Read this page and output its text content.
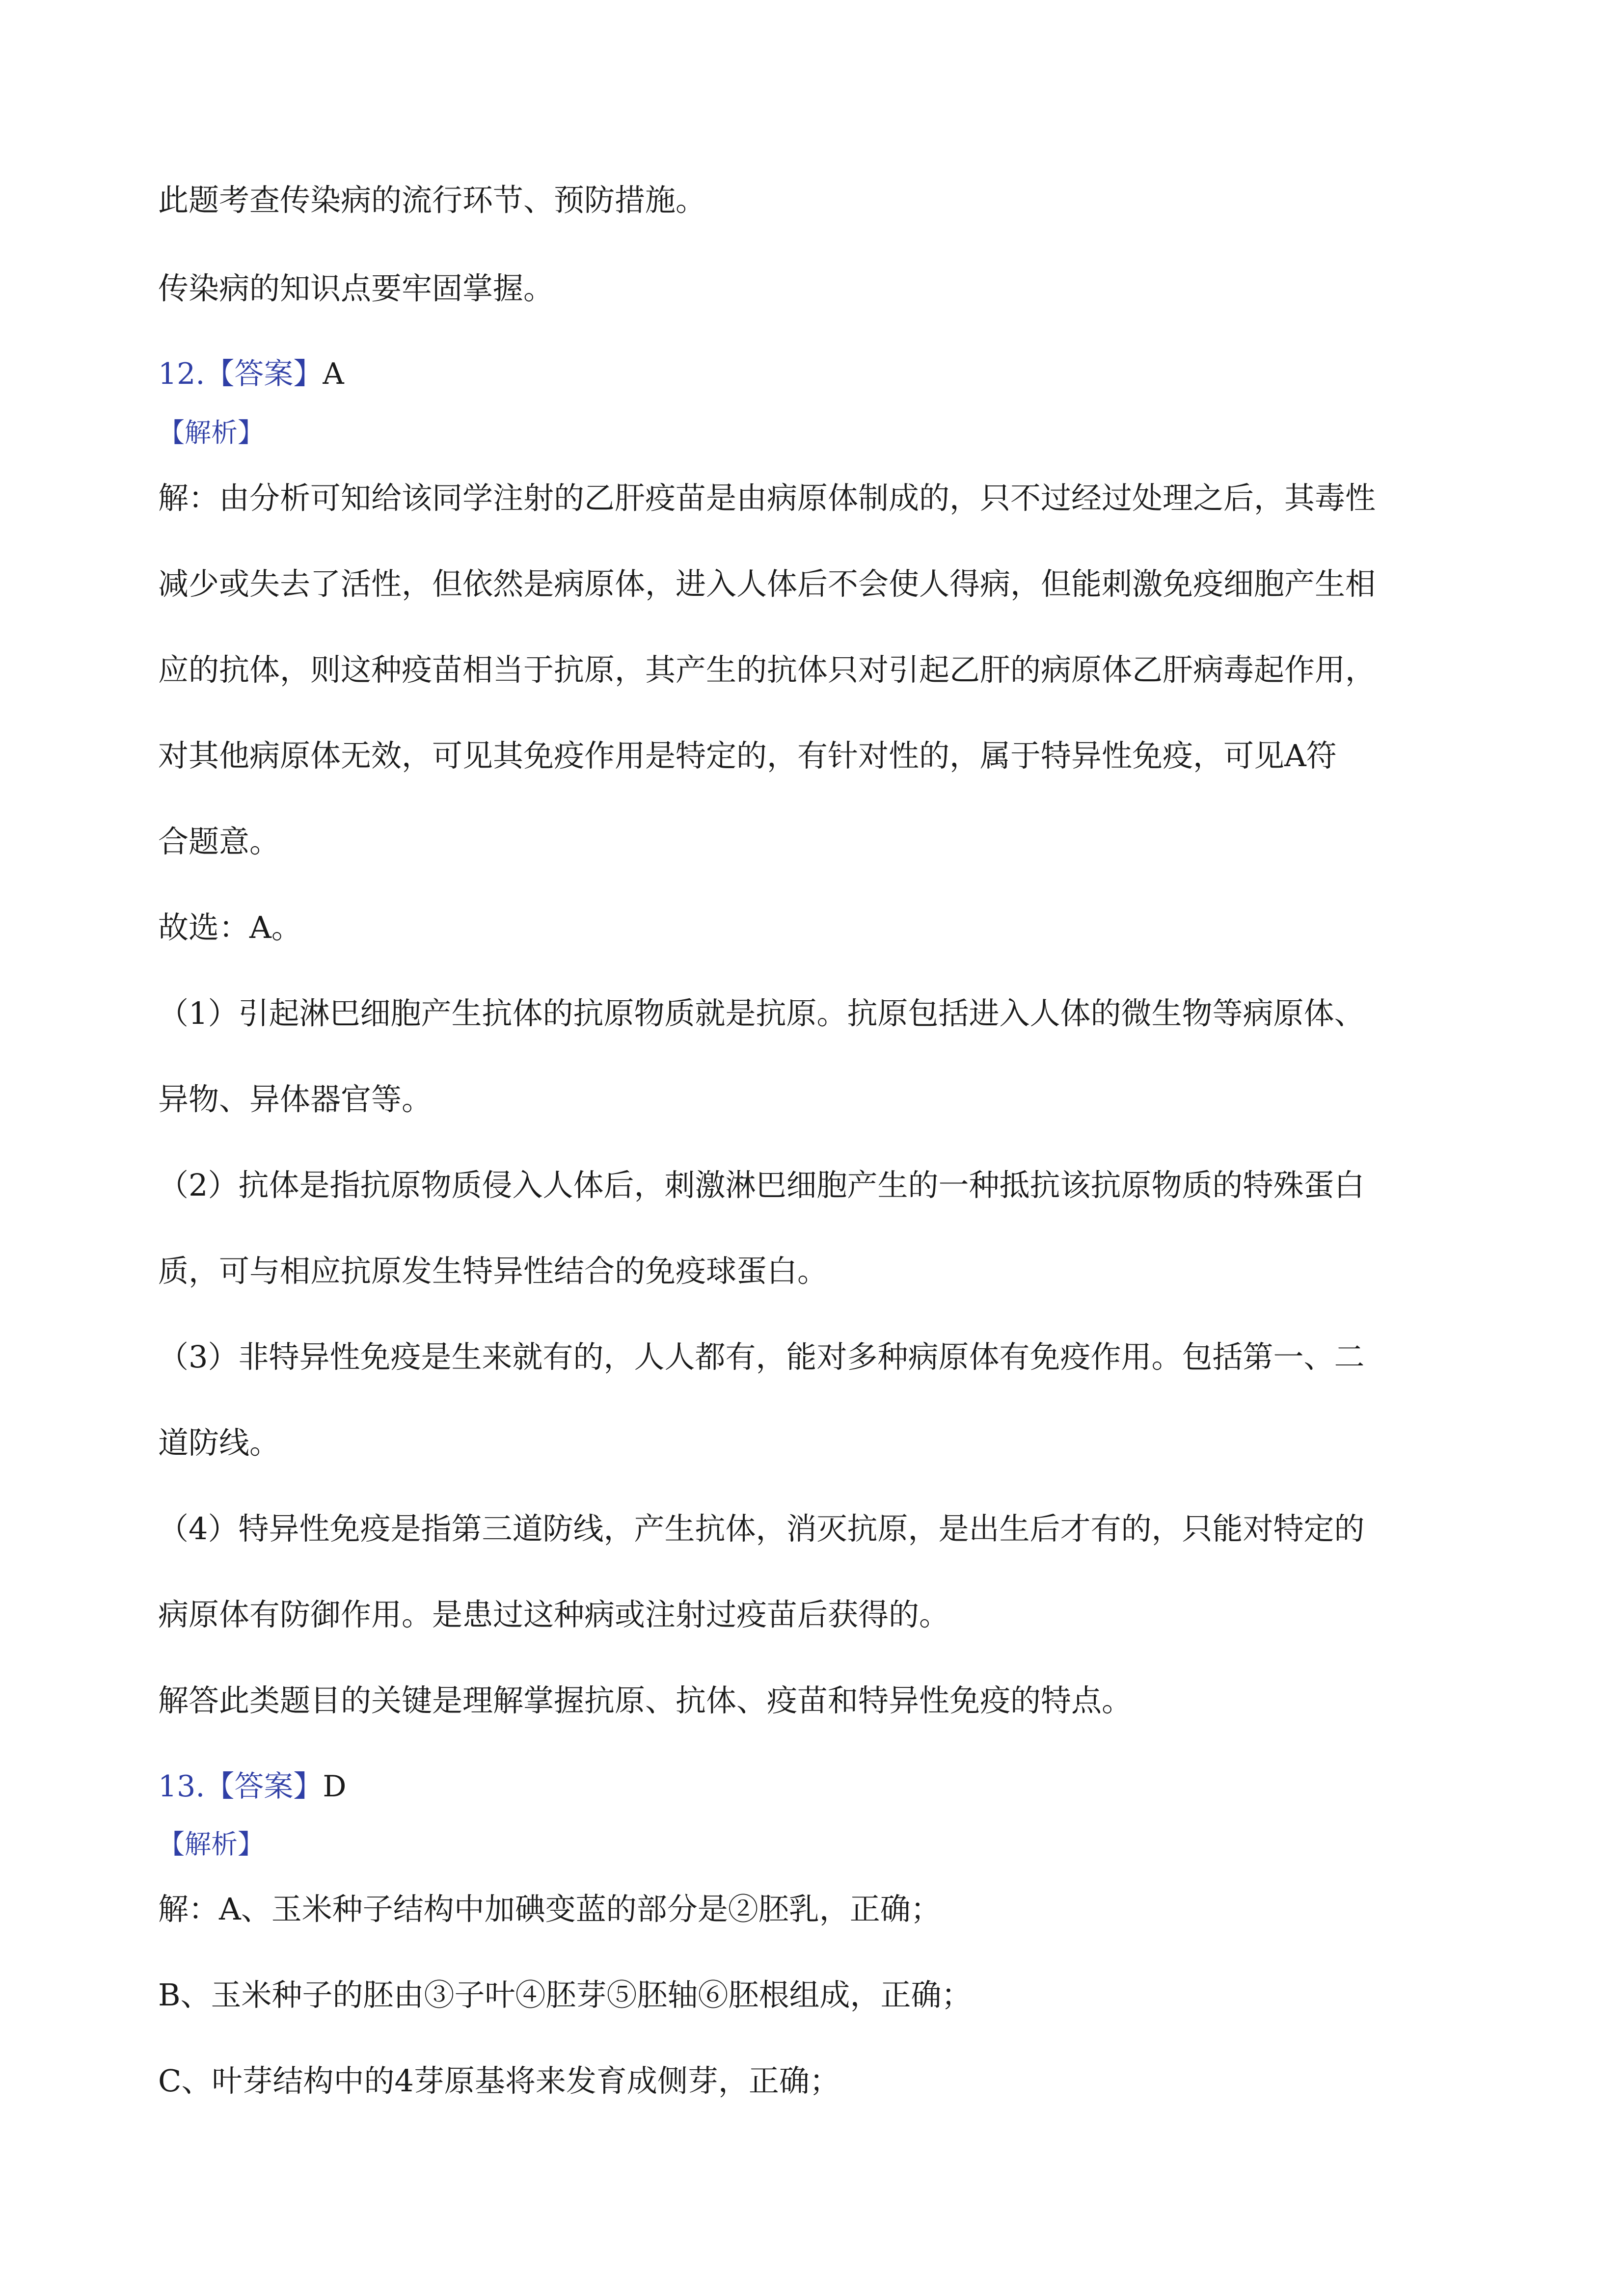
此题考查传染病的流行环节、预防措施。
传染病的知识点要牢固掌握。
12.【答案】A
【解析】
解：由分析可知给该同学注射的乙肝疫苗是由病原体制成的，只不过经过处理之后，其毒性
减少或失去了活性，但依然是病原体，进入人体后不会使人得病，但能刺激免疫细胞产生相
应的抗体，则这种疫苗相当于抗原，其产生的抗体只对引起乙肝的病原体乙肝病毒起作用，
对其他病原体无效，可见其免疫作用是特定的，有针对性的，属于特异性免疫，可见A符
合题意。
故选：A。
（1）引起淋巴细胞产生抗体的抗原物质就是抗原。抗原包括进入人体的微生物等病原体、
异物、异体器官等。
（2）抗体是指抗原物质侵入人体后，刺激淋巴细胞产生的一种抵抗该抗原物质的特殊蛋白
质，可与相应抗原发生特异性结合的免疫球蛋白。
（3）非特异性免疫是生来就有的，人人都有，能对多种病原体有免疫作用。包括第一、二
道防线。
（4）特异性免疫是指第三道防线，产生抗体，消灭抗原，是出生后才有的，只能对特定的
病原体有防御作用。是患过这种病或注射过疫苗后获得的。
解答此类题目的关键是理解掌握抗原、抗体、疫苗和特异性免疫的特点。
13.【答案】D
【解析】
解：A、玉米种子结构中加碘变蓝的部分是②胚乳，正确；
B、玉米种子的胚由③子叶④胚芽⑤胚轴⑥胚根组成，正确；
C、叶芽结构中的4芽原基将来发育成侧芽，正确；
